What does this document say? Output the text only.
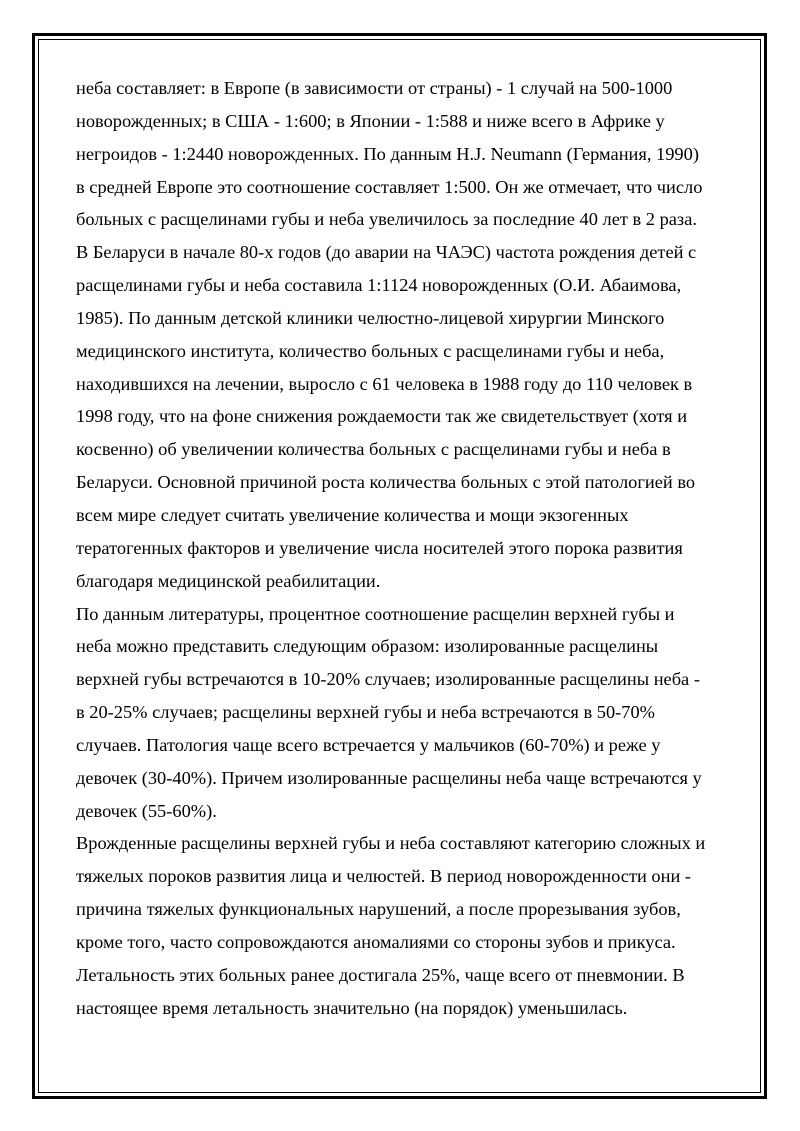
неба составляет: в Европе (в зависимости от страны) - 1 случай на 500-1000
новорожденных; в США - 1:600; в Японии - 1:588 и ниже всего в Африке у
негроидов - 1:2440 новорожденных. По данным H.J. Neumann (Германия, 1990)
в средней Европе это соотношение составляет 1:500. Он же отмечает, что число
больных с расщелинами губы и неба увеличилось за последние 40 лет в 2 раза.
В Беларуси в начале 80-х годов (до аварии на ЧАЭС) частота рождения детей с
расщелинами губы и неба составила 1:1124 новорожденных (О.И. Абаимова,
1985). По данным детской клиники челюстно-лицевой хирургии Минского
медицинского института, количество больных с расщелинами губы и неба,
находившихся на лечении, выросло с 61 человека в 1988 году до 110 человек в
1998 году, что на фоне снижения рождаемости так же свидетельствует (хотя и
косвенно) об увеличении количества больных с расщелинами губы и неба в
Беларуси. Основной причиной роста количества больных с этой патологией во
всем мире следует считать увеличение количества и мощи экзогенных
тератогенных факторов и увеличение числа носителей этого порока развития
благодаря медицинской реабилитации.
По данным литературы, процентное соотношение расщелин верхней губы и
неба можно представить следующим образом: изолированные расщелины
верхней губы встречаются в 10-20% случаев; изолированные расщелины неба -
в 20-25% случаев; расщелины верхней губы и неба встречаются в 50-70%
случаев. Патология чаще всего встречается у мальчиков (60-70%) и реже у
девочек (30-40%). Причем изолированные расщелины неба чаще встречаются у
девочек (55-60%).
Врожденные расщелины верхней губы и неба составляют категорию сложных и
тяжелых пороков развития лица и челюстей. В период новорожденности они -
причина тяжелых функциональных нарушений, а после прорезывания зубов,
кроме того, часто сопровождаются аномалиями со стороны зубов и прикуса.
Летальность этих больных ранее достигала 25%, чаще всего от пневмонии. В
настоящее время летальность значительно (на порядок) уменьшилась.
